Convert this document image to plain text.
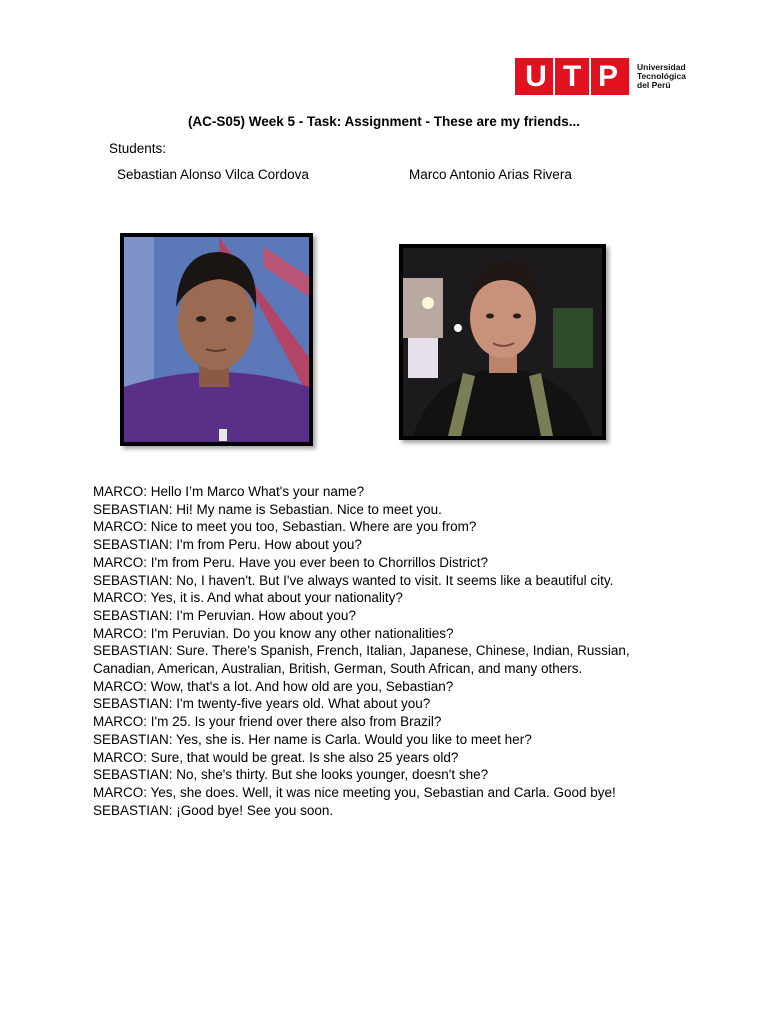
U T P	Universidad
Tecnológica
del Perú
(AC-S05) Week 5 - Task: Assignment - These are my friends...
Students:
Sebastian Alonso Vilca Cordova	Marco Antonio Arias Rivera
MARCO: Hello I’m Marco What's your name?
SEBASTIAN: Hi! My name is Sebastian. Nice to meet you.
MARCO: Nice to meet you too, Sebastian. Where are you from?
SEBASTIAN: I'm from Peru. How about you?
MARCO: I'm from Peru. Have you ever been to Chorrillos District?
SEBASTIAN: No, I haven't. But I've always wanted to visit. It seems like a beautiful city.
MARCO: Yes, it is. And what about your nationality?
SEBASTIAN: I'm Peruvian. How about you?
MARCO: I'm Peruvian. Do you know any other nationalities?
SEBASTIAN: Sure. There's Spanish, French, Italian, Japanese, Chinese, Indian, Russian,
Canadian, American, Australian, British, German, South African, and many others.
MARCO: Wow, that's a lot. And how old are you, Sebastian?
SEBASTIAN: I'm twenty-five years old. What about you?
MARCO: I'm 25. Is your friend over there also from Brazil?
SEBASTIAN: Yes, she is. Her name is Carla. Would you like to meet her?
MARCO: Sure, that would be great. Is she also 25 years old?
SEBASTIAN: No, she's thirty. But she looks younger, doesn't she?
MARCO: Yes, she does. Well, it was nice meeting you, Sebastian and Carla. Good bye!
SEBASTIAN: ¡Good bye! See you soon.
